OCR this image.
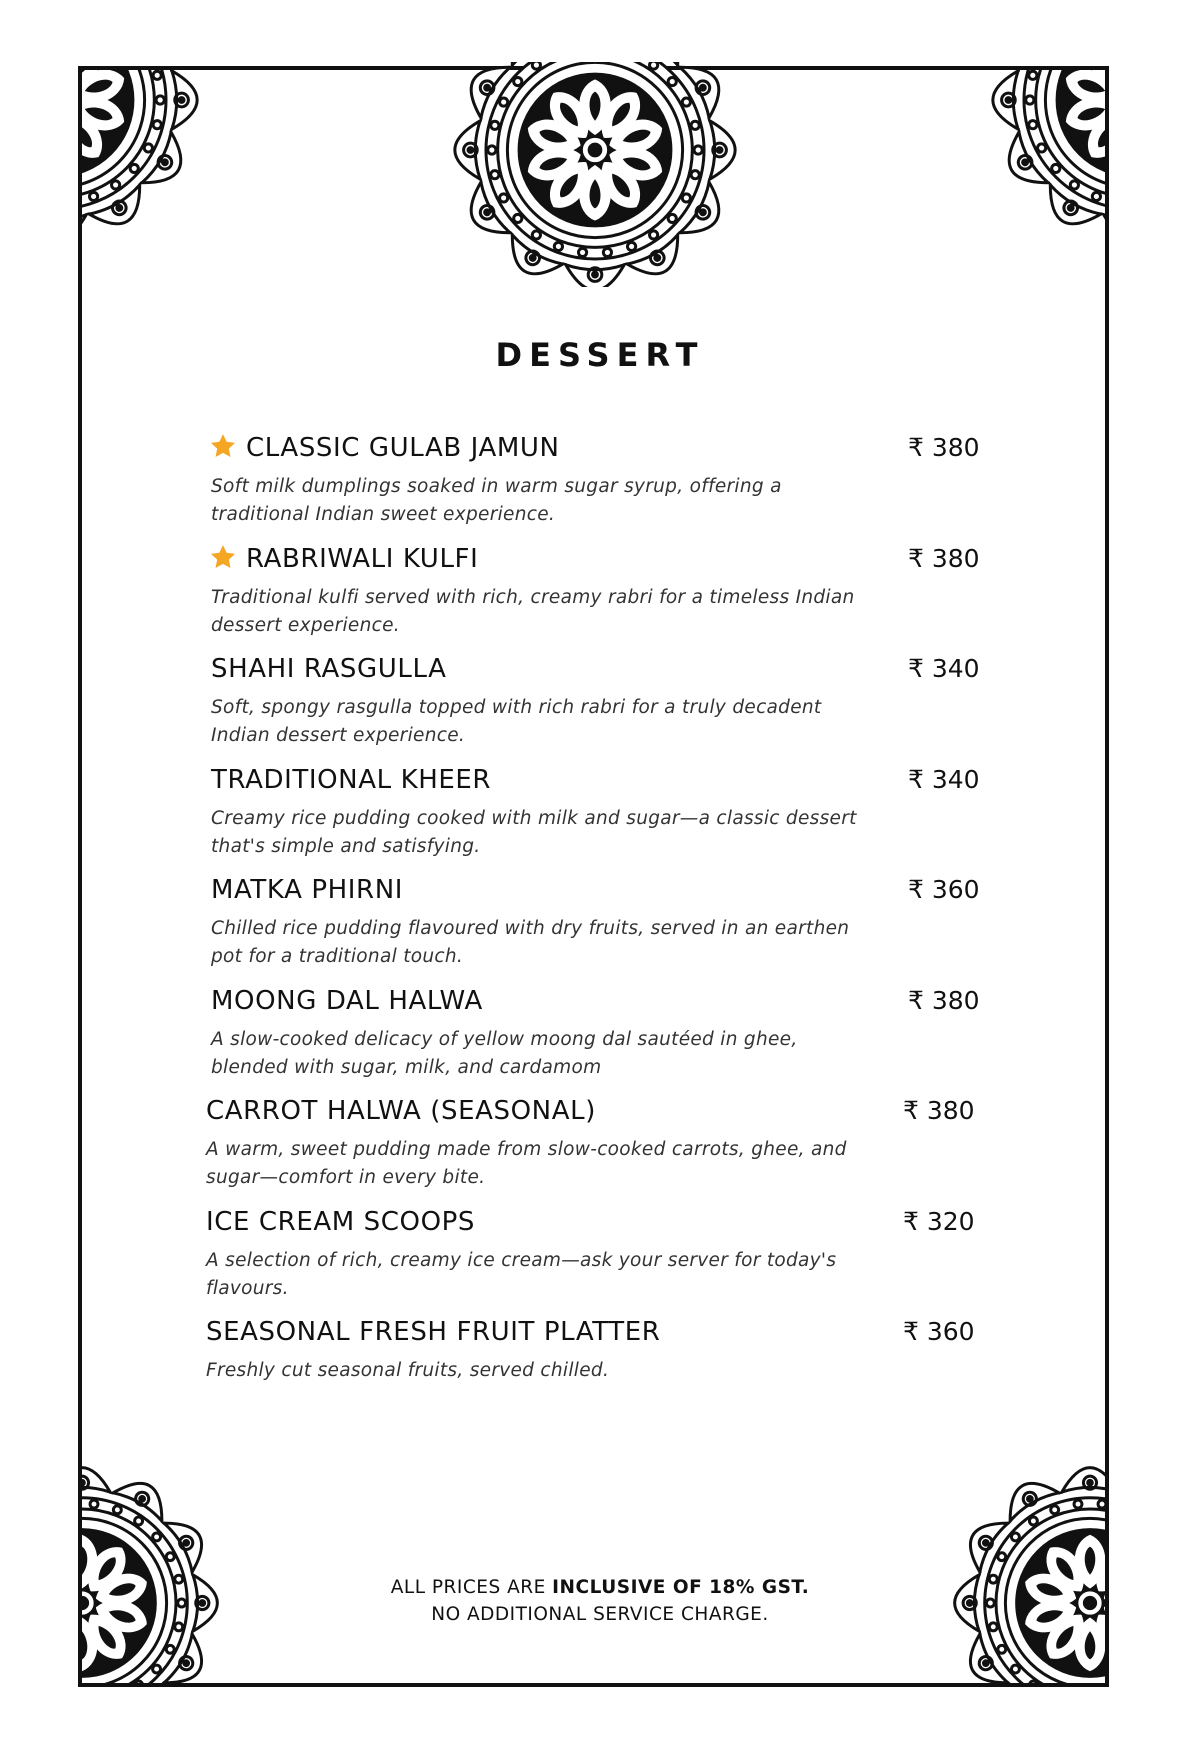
DESSERT
CLASSIC GULAB JAMUN	₹ 380
Soft milk dumplings soaked in warm sugar syrup, offering a traditional Indian sweet experience.
RABRIWALI KULFI	₹ 380
Traditional kulfi served with rich, creamy rabri for a timeless Indian dessert experience.
SHAHI RASGULLA	₹ 340
Soft, spongy rasgulla topped with rich rabri for a truly decadent Indian dessert experience.
TRADITIONAL KHEER	₹ 340
Creamy rice pudding cooked with milk and sugar—a classic dessert that's simple and satisfying.
MATKA PHIRNI	₹ 360
Chilled rice pudding flavoured with dry fruits, served in an earthen pot for a traditional touch.
MOONG DAL HALWA	₹ 380
A slow-cooked delicacy of yellow moong dal sautéed in ghee, blended with sugar, milk, and cardamom
CARROT HALWA (SEASONAL)	₹ 380
A warm, sweet pudding made from slow-cooked carrots, ghee, and sugar—comfort in every bite.
ICE CREAM SCOOPS	₹ 320
A selection of rich, creamy ice cream—ask your server for today's flavours.
SEASONAL FRESH FRUIT PLATTER	₹ 360
Freshly cut seasonal fruits, served chilled.
ALL PRICES ARE INCLUSIVE OF 18% GST.
NO ADDITIONAL SERVICE CHARGE.
